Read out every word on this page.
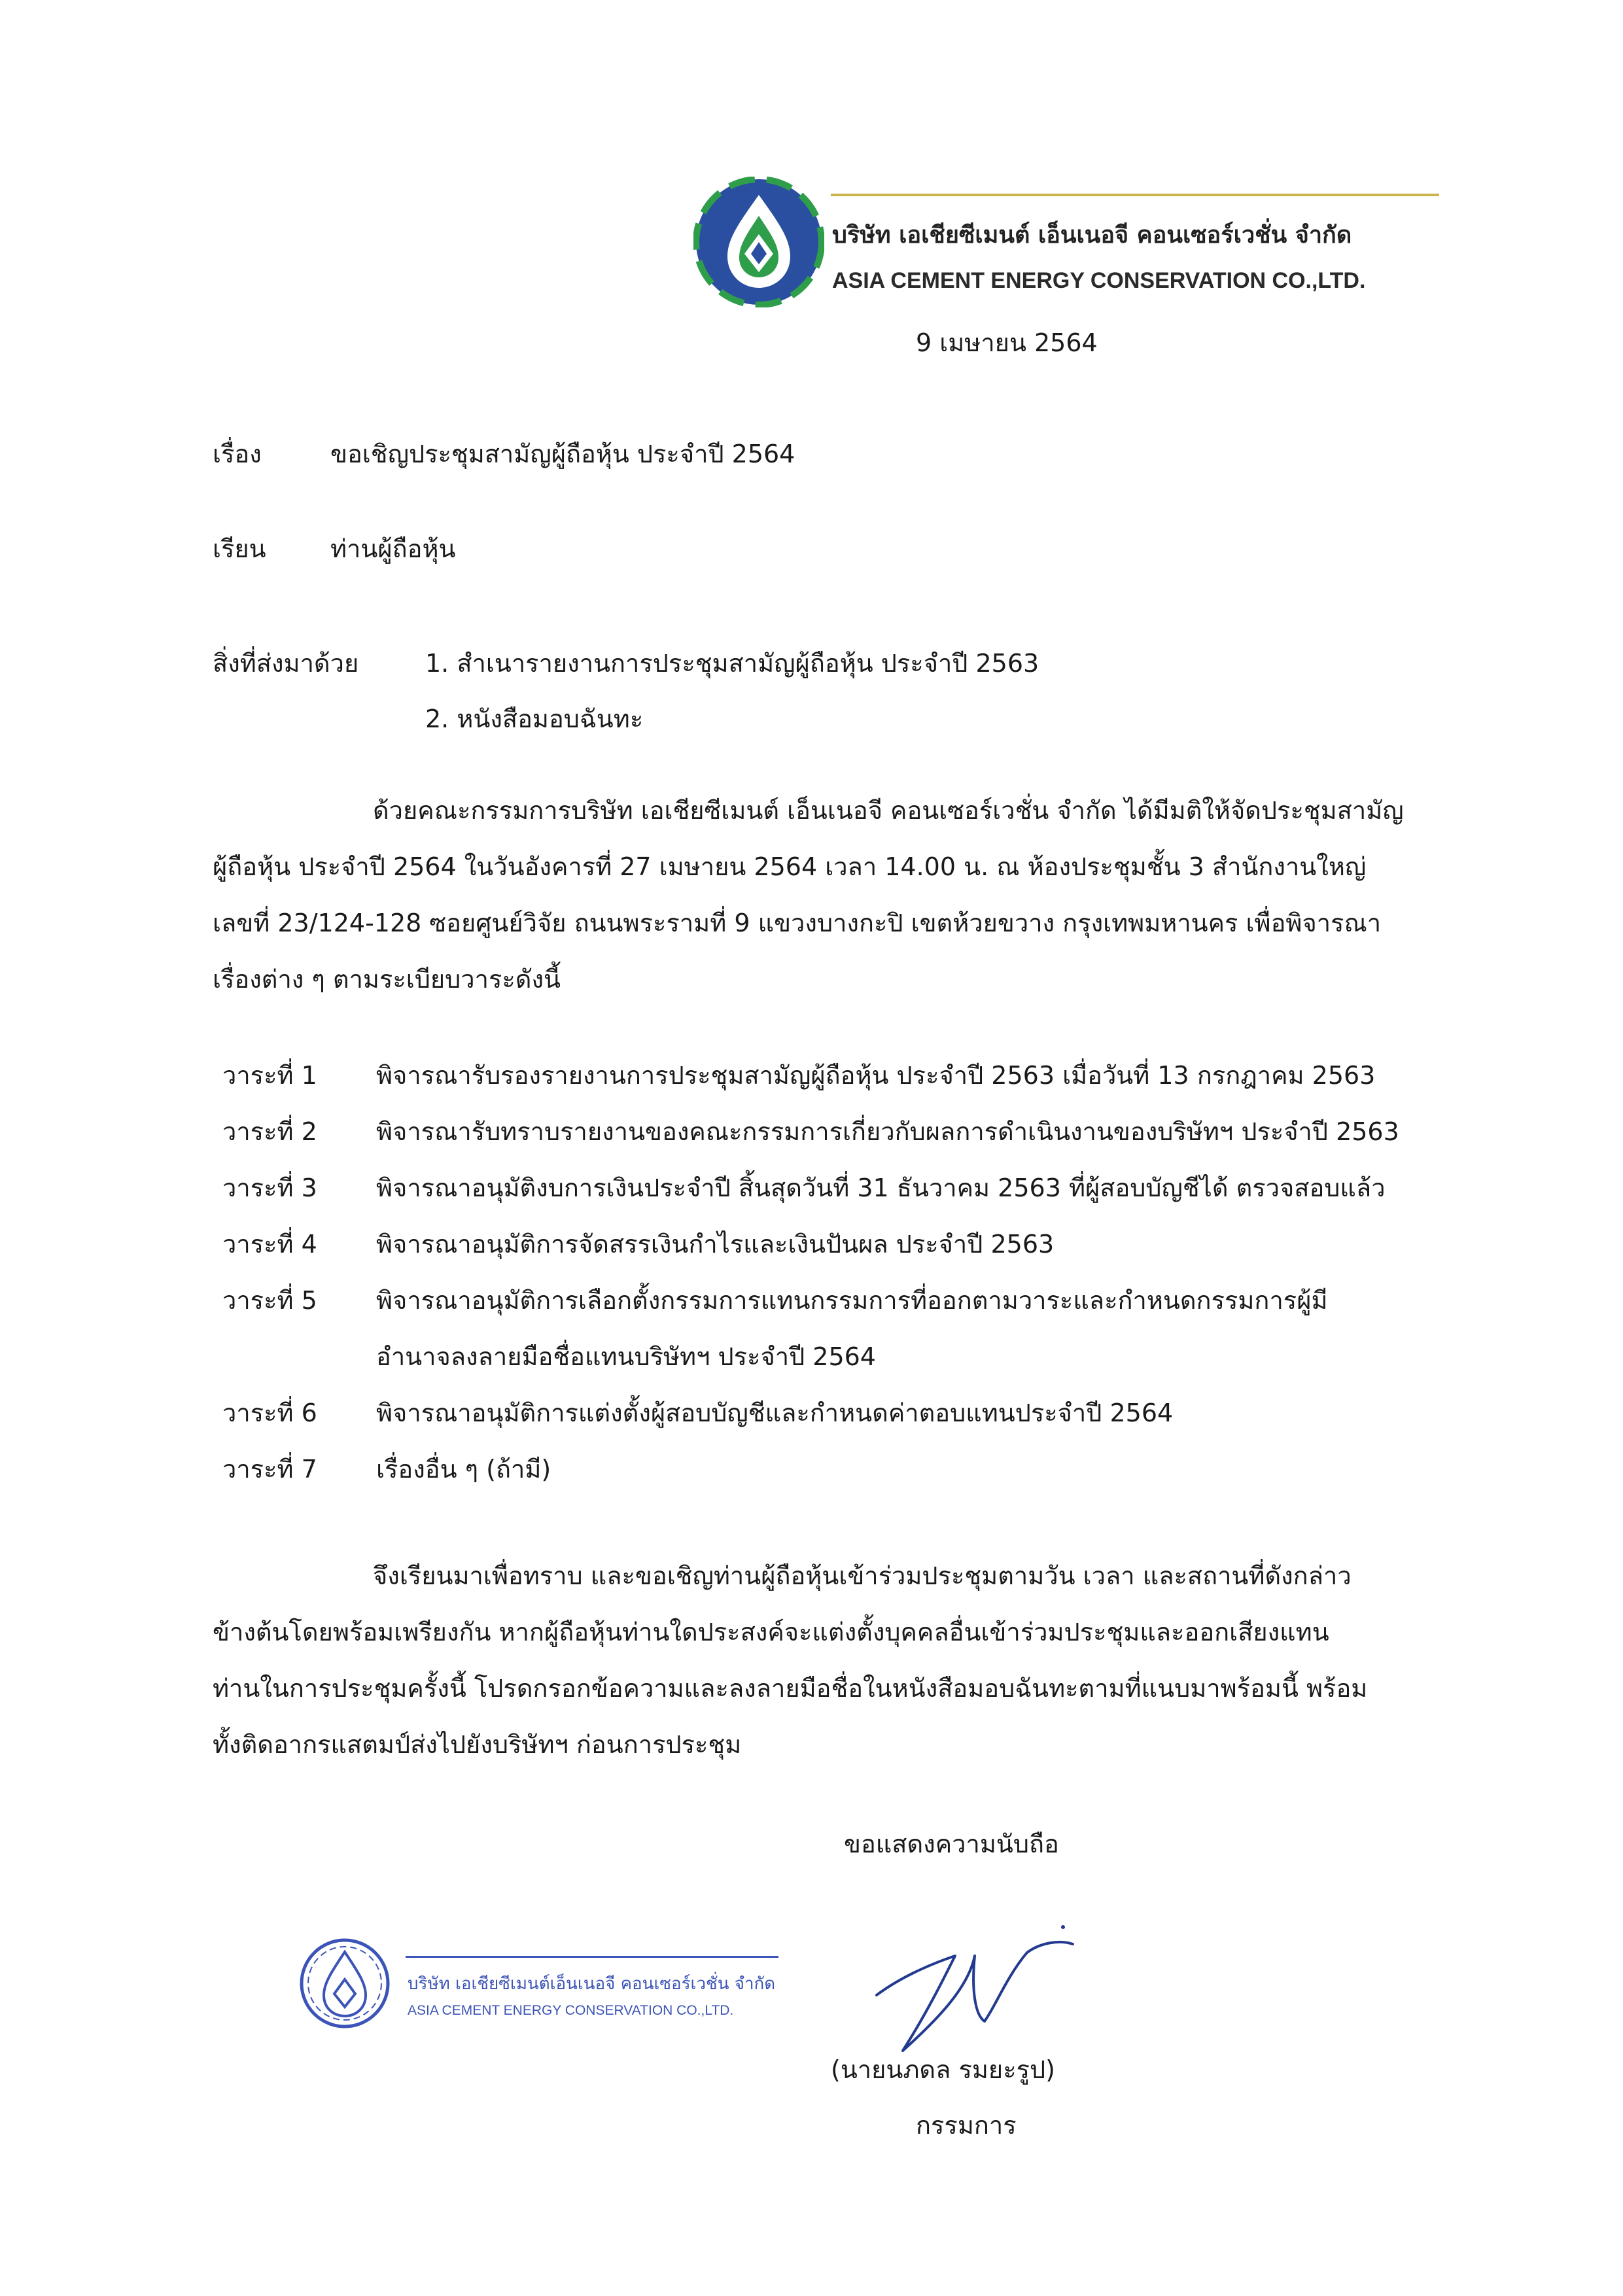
บริษัท เอเชียซีเมนต์ เอ็นเนอจี คอนเซอร์เวชั่น จำกัด
ASIA CEMENT ENERGY CONSERVATION CO.,LTD.
9 เมษายน 2564
เรื่อง	ขอเชิญประชุมสามัญผู้ถือหุ้น ประจำปี 2564
เรียน	ท่านผู้ถือหุ้น
สิ่งที่ส่งมาด้วย	1. สำเนารายงานการประชุมสามัญผู้ถือหุ้น ประจำปี 2563
2. หนังสือมอบฉันทะ
ด้วยคณะกรรมการบริษัท เอเชียซีเมนต์ เอ็นเนอจี คอนเซอร์เวชั่น จำกัด ได้มีมติให้จัดประชุมสามัญ
ผู้ถือหุ้น ประจำปี 2564 ในวันอังคารที่ 27 เมษายน 2564 เวลา 14.00 น. ณ ห้องประชุมชั้น 3 สำนักงานใหญ่
เลขที่ 23/124-128 ซอยศูนย์วิจัย ถนนพระรามที่ 9 แขวงบางกะปิ เขตห้วยขวาง กรุงเทพมหานคร เพื่อพิจารณา
เรื่องต่าง ๆ ตามระเบียบวาระดังนี้
วาระที่ 1	พิจารณารับรองรายงานการประชุมสามัญผู้ถือหุ้น ประจำปี 2563 เมื่อวันที่ 13 กรกฎาคม 2563
วาระที่ 2	พิจารณารับทราบรายงานของคณะกรรมการเกี่ยวกับผลการดำเนินงานของบริษัทฯ ประจำปี 2563
วาระที่ 3	พิจารณาอนุมัติงบการเงินประจำปี สิ้นสุดวันที่ 31 ธันวาคม 2563 ที่ผู้สอบบัญชีได้ ตรวจสอบแล้ว
วาระที่ 4	พิจารณาอนุมัติการจัดสรรเงินกำไรและเงินปันผล ประจำปี 2563
วาระที่ 5	พิจารณาอนุมัติการเลือกตั้งกรรมการแทนกรรมการที่ออกตามวาระและกำหนดกรรมการผู้มี
อำนาจลงลายมือชื่อแทนบริษัทฯ ประจำปี 2564
วาระที่ 6	พิจารณาอนุมัติการแต่งตั้งผู้สอบบัญชีและกำหนดค่าตอบแทนประจำปี 2564
วาระที่ 7	เรื่องอื่น ๆ (ถ้ามี)
จึงเรียนมาเพื่อทราบ และขอเชิญท่านผู้ถือหุ้นเข้าร่วมประชุมตามวัน เวลา และสถานที่ดังกล่าว
ข้างต้นโดยพร้อมเพรียงกัน หากผู้ถือหุ้นท่านใดประสงค์จะแต่งตั้งบุคคลอื่นเข้าร่วมประชุมและออกเสียงแทน
ท่านในการประชุมครั้งนี้ โปรดกรอกข้อความและลงลายมือชื่อในหนังสือมอบฉันทะตามที่แนบมาพร้อมนี้ พร้อม
ทั้งติดอากรแสตมป์ส่งไปยังบริษัทฯ ก่อนการประชุม
ขอแสดงความนับถือ
บริษัท เอเชียซีเมนต์เอ็นเนอจี คอนเซอร์เวชั่น จำกัด
ASIA CEMENT ENERGY CONSERVATION CO.,LTD.
(นายนภดล รมยะรูป)
กรรมการ
